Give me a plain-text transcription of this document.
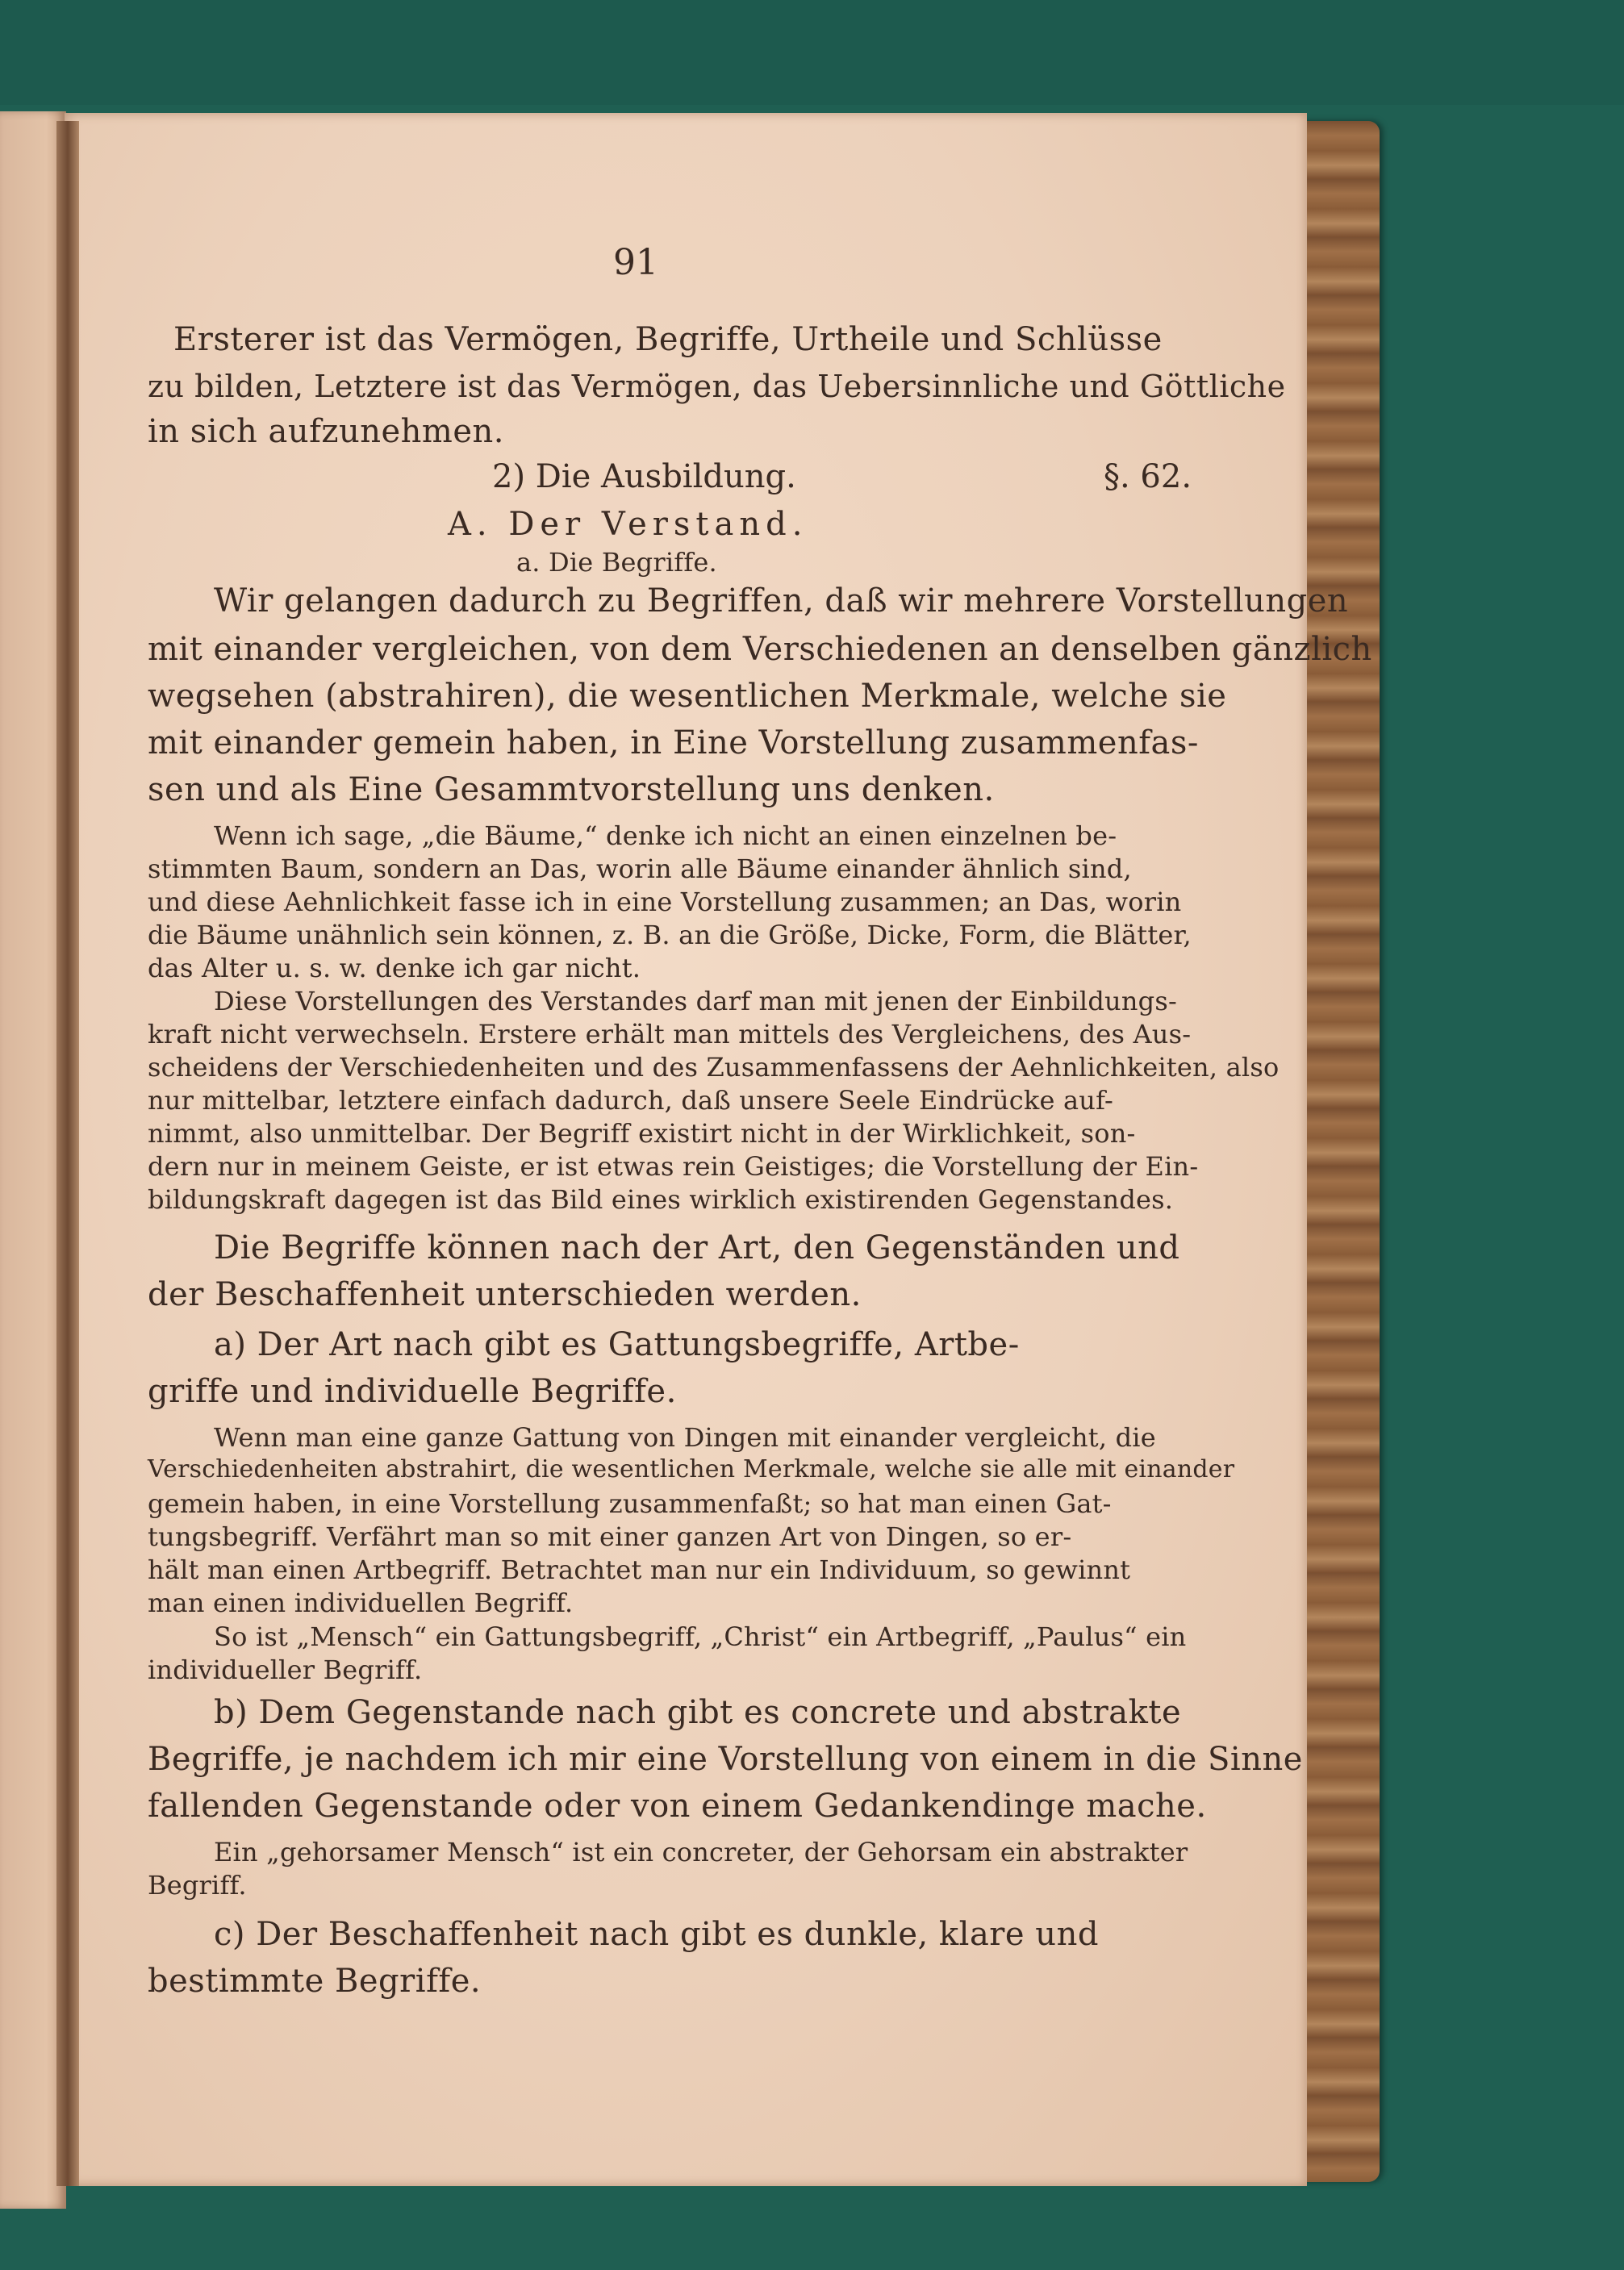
91
Ersterer ist das Vermögen, Begriffe, Urtheile und Schlüsse
zu bilden, Letztere ist das Vermögen, das Uebersinnliche und Göttliche
in sich aufzunehmen.
2) Die Ausbildung.	§. 62.
A. Der Verstand.
a. Die Begriffe.
Wir gelangen dadurch zu Begriffen, daß wir mehrere Vorstellungen
mit einander vergleichen, von dem Verschiedenen an denselben gänzlich
wegsehen (abstrahiren), die wesentlichen Merkmale, welche sie
mit einander gemein haben, in Eine Vorstellung zusammenfas-
sen und als Eine Gesammtvorstellung uns denken.
Wenn ich sage, „die Bäume,“ denke ich nicht an einen einzelnen be-
stimmten Baum, sondern an Das, worin alle Bäume einander ähnlich sind,
und diese Aehnlichkeit fasse ich in eine Vorstellung zusammen; an Das, worin
die Bäume unähnlich sein können, z. B. an die Größe, Dicke, Form, die Blätter,
das Alter u. s. w. denke ich gar nicht.
Diese Vorstellungen des Verstandes darf man mit jenen der Einbildungs-
kraft nicht verwechseln. Erstere erhält man mittels des Vergleichens, des Aus-
scheidens der Verschiedenheiten und des Zusammenfassens der Aehnlichkeiten, also
nur mittelbar, letztere einfach dadurch, daß unsere Seele Eindrücke auf-
nimmt, also unmittelbar. Der Begriff existirt nicht in der Wirklichkeit, son-
dern nur in meinem Geiste, er ist etwas rein Geistiges; die Vorstellung der Ein-
bildungskraft dagegen ist das Bild eines wirklich existirenden Gegenstandes.
Die Begriffe können nach der Art, den Gegenständen und
der Beschaffenheit unterschieden werden.
a) Der Art nach gibt es Gattungsbegriffe, Artbe-
griffe und individuelle Begriffe.
Wenn man eine ganze Gattung von Dingen mit einander vergleicht, die
Verschiedenheiten abstrahirt, die wesentlichen Merkmale, welche sie alle mit einander
gemein haben, in eine Vorstellung zusammenfaßt; so hat man einen Gat-
tungsbegriff. Verfährt man so mit einer ganzen Art von Dingen, so er-
hält man einen Artbegriff. Betrachtet man nur ein Individuum, so gewinnt
man einen individuellen Begriff.
So ist „Mensch“ ein Gattungsbegriff, „Christ“ ein Artbegriff, „Paulus“ ein
individueller Begriff.
b) Dem Gegenstande nach gibt es concrete und abstrakte
Begriffe, je nachdem ich mir eine Vorstellung von einem in die Sinne
fallenden Gegenstande oder von einem Gedankendinge mache.
Ein „gehorsamer Mensch“ ist ein concreter, der Gehorsam ein abstrakter
Begriff.
c) Der Beschaffenheit nach gibt es dunkle, klare und
bestimmte Begriffe.
